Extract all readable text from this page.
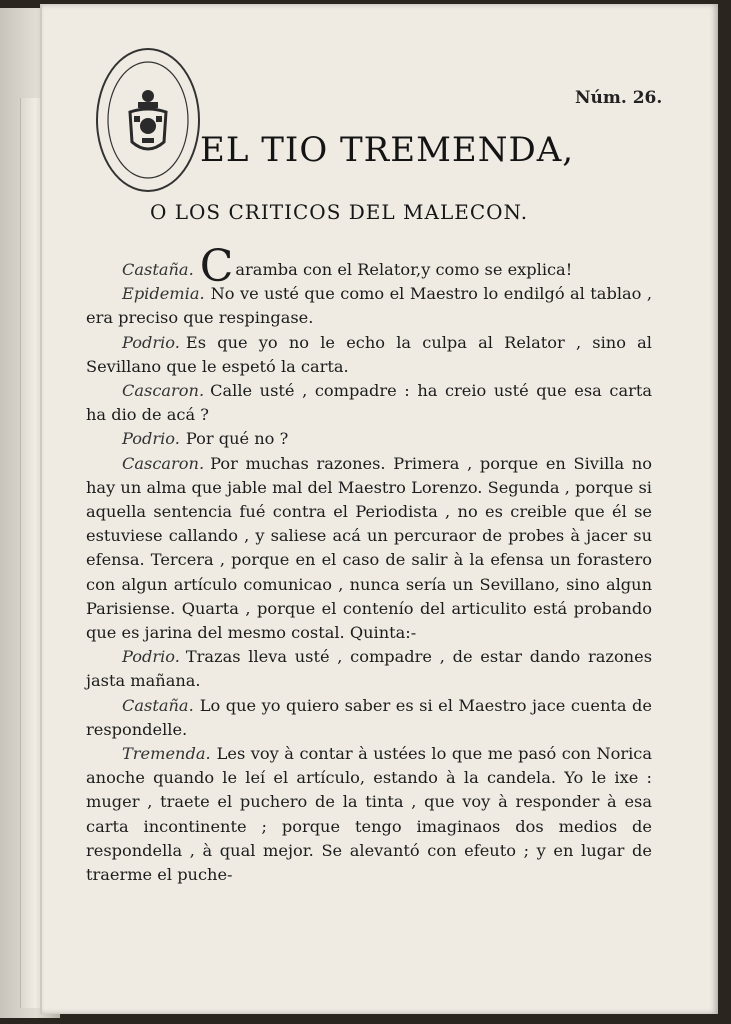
Núm. 26.
EL TIO TREMENDA,
O LOS CRITICOS DEL MALECON.

Castaña. C aramba con el Relator,y como se explica!

Epidemia. No ve usté que como el Maestro lo endilgó al tablao , era preciso que respingase.

Podrio. Es que yo no le echo la culpa al Relator , sino al Sevillano que le espetó la carta.

Cascaron. Calle usté , compadre : ha creio usté que esa carta ha dio de acá ?

Podrio. Por qué no ?

Cascaron. Por muchas razones. Primera , porque en Sivilla no hay un alma que jable mal del Maestro Lorenzo. Segunda , porque si aquella sentencia fué contra el Periodista , no es creible que él se estuviese callando , y saliese acá un percuraor de probes à jacer su efensa. Tercera , porque en el caso de salir à la efensa un forastero con algun artículo comunicao , nunca sería un Sevillano, sino algun Parisiense. Quarta , porque el contenío del articulito está probando que es jarina del mesmo costal. Quinta:-

Podrio. Trazas lleva usté , compadre , de estar dando razones jasta mañana.

Castaña. Lo que yo quiero saber es si el Maestro jace cuenta de respondelle.

Tremenda. Les voy à contar à ustées lo que me pasó con Norica anoche quando le leí el artículo, estando à la candela. Yo le ixe : muger , traete el puchero de la tinta , que voy à responder à esa carta incontinente ; porque tengo imaginaos dos medios de respondella , à qual mejor. Se alevantó con efeuto ; y en lugar de traerme el puche-
